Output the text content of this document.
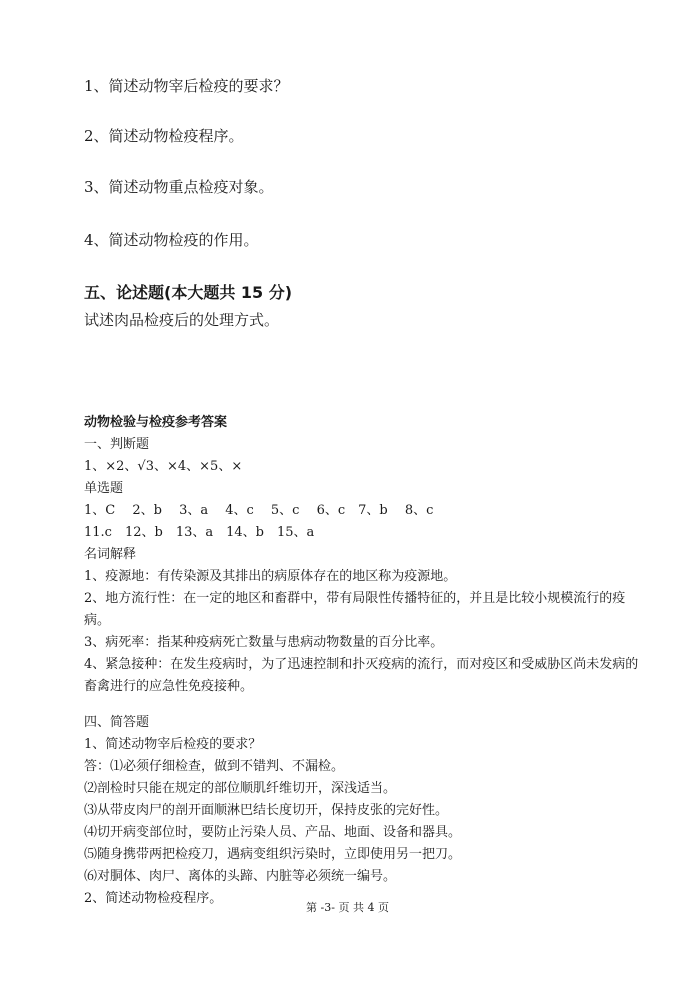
1、简述动物宰后检疫的要求？
2、简述动物检疫程序。
3、简述动物重点检疫对象。
4、简述动物检疫的作用。
五、论述题(本大题共 15 分)
试述肉品检疫后的处理方式。
动物检验与检疫参考答案
一、判断题
1、×2、√3、×4、×5、×
单选题
1、C　 2、b　 3、a　 4、c　 5、c　 6、c　7、b　 8、c
11.c　12、b　13、a　14、b　15、a
名词解释
1、疫源地：有传染源及其排出的病原体存在的地区称为疫源地。
2、地方流行性：在一定的地区和畜群中，带有局限性传播特征的，并且是比较小规模流行的疫病。
3、病死率：指某种疫病死亡数量与患病动物数量的百分比率。
4、紧急接种：在发生疫病时，为了迅速控制和扑灭疫病的流行，而对疫区和受威胁区尚未发病的畜禽进行的应急性免疫接种。
四、简答题
1、简述动物宰后检疫的要求？
答：⑴必须仔细检查，做到不错判、不漏检。
⑵剖检时只能在规定的部位顺肌纤维切开，深浅适当。
⑶从带皮肉尸的剖开面顺淋巴结长度切开，保持皮张的完好性。
⑷切开病变部位时，要防止污染人员、产品、地面、设备和器具。
⑸随身携带两把检疫刀，遇病变组织污染时，立即使用另一把刀。
⑹对胴体、肉尸、离体的头蹄、内脏等必须统一编号。
2、简述动物检疫程序。
第 -3- 页 共 4 页
